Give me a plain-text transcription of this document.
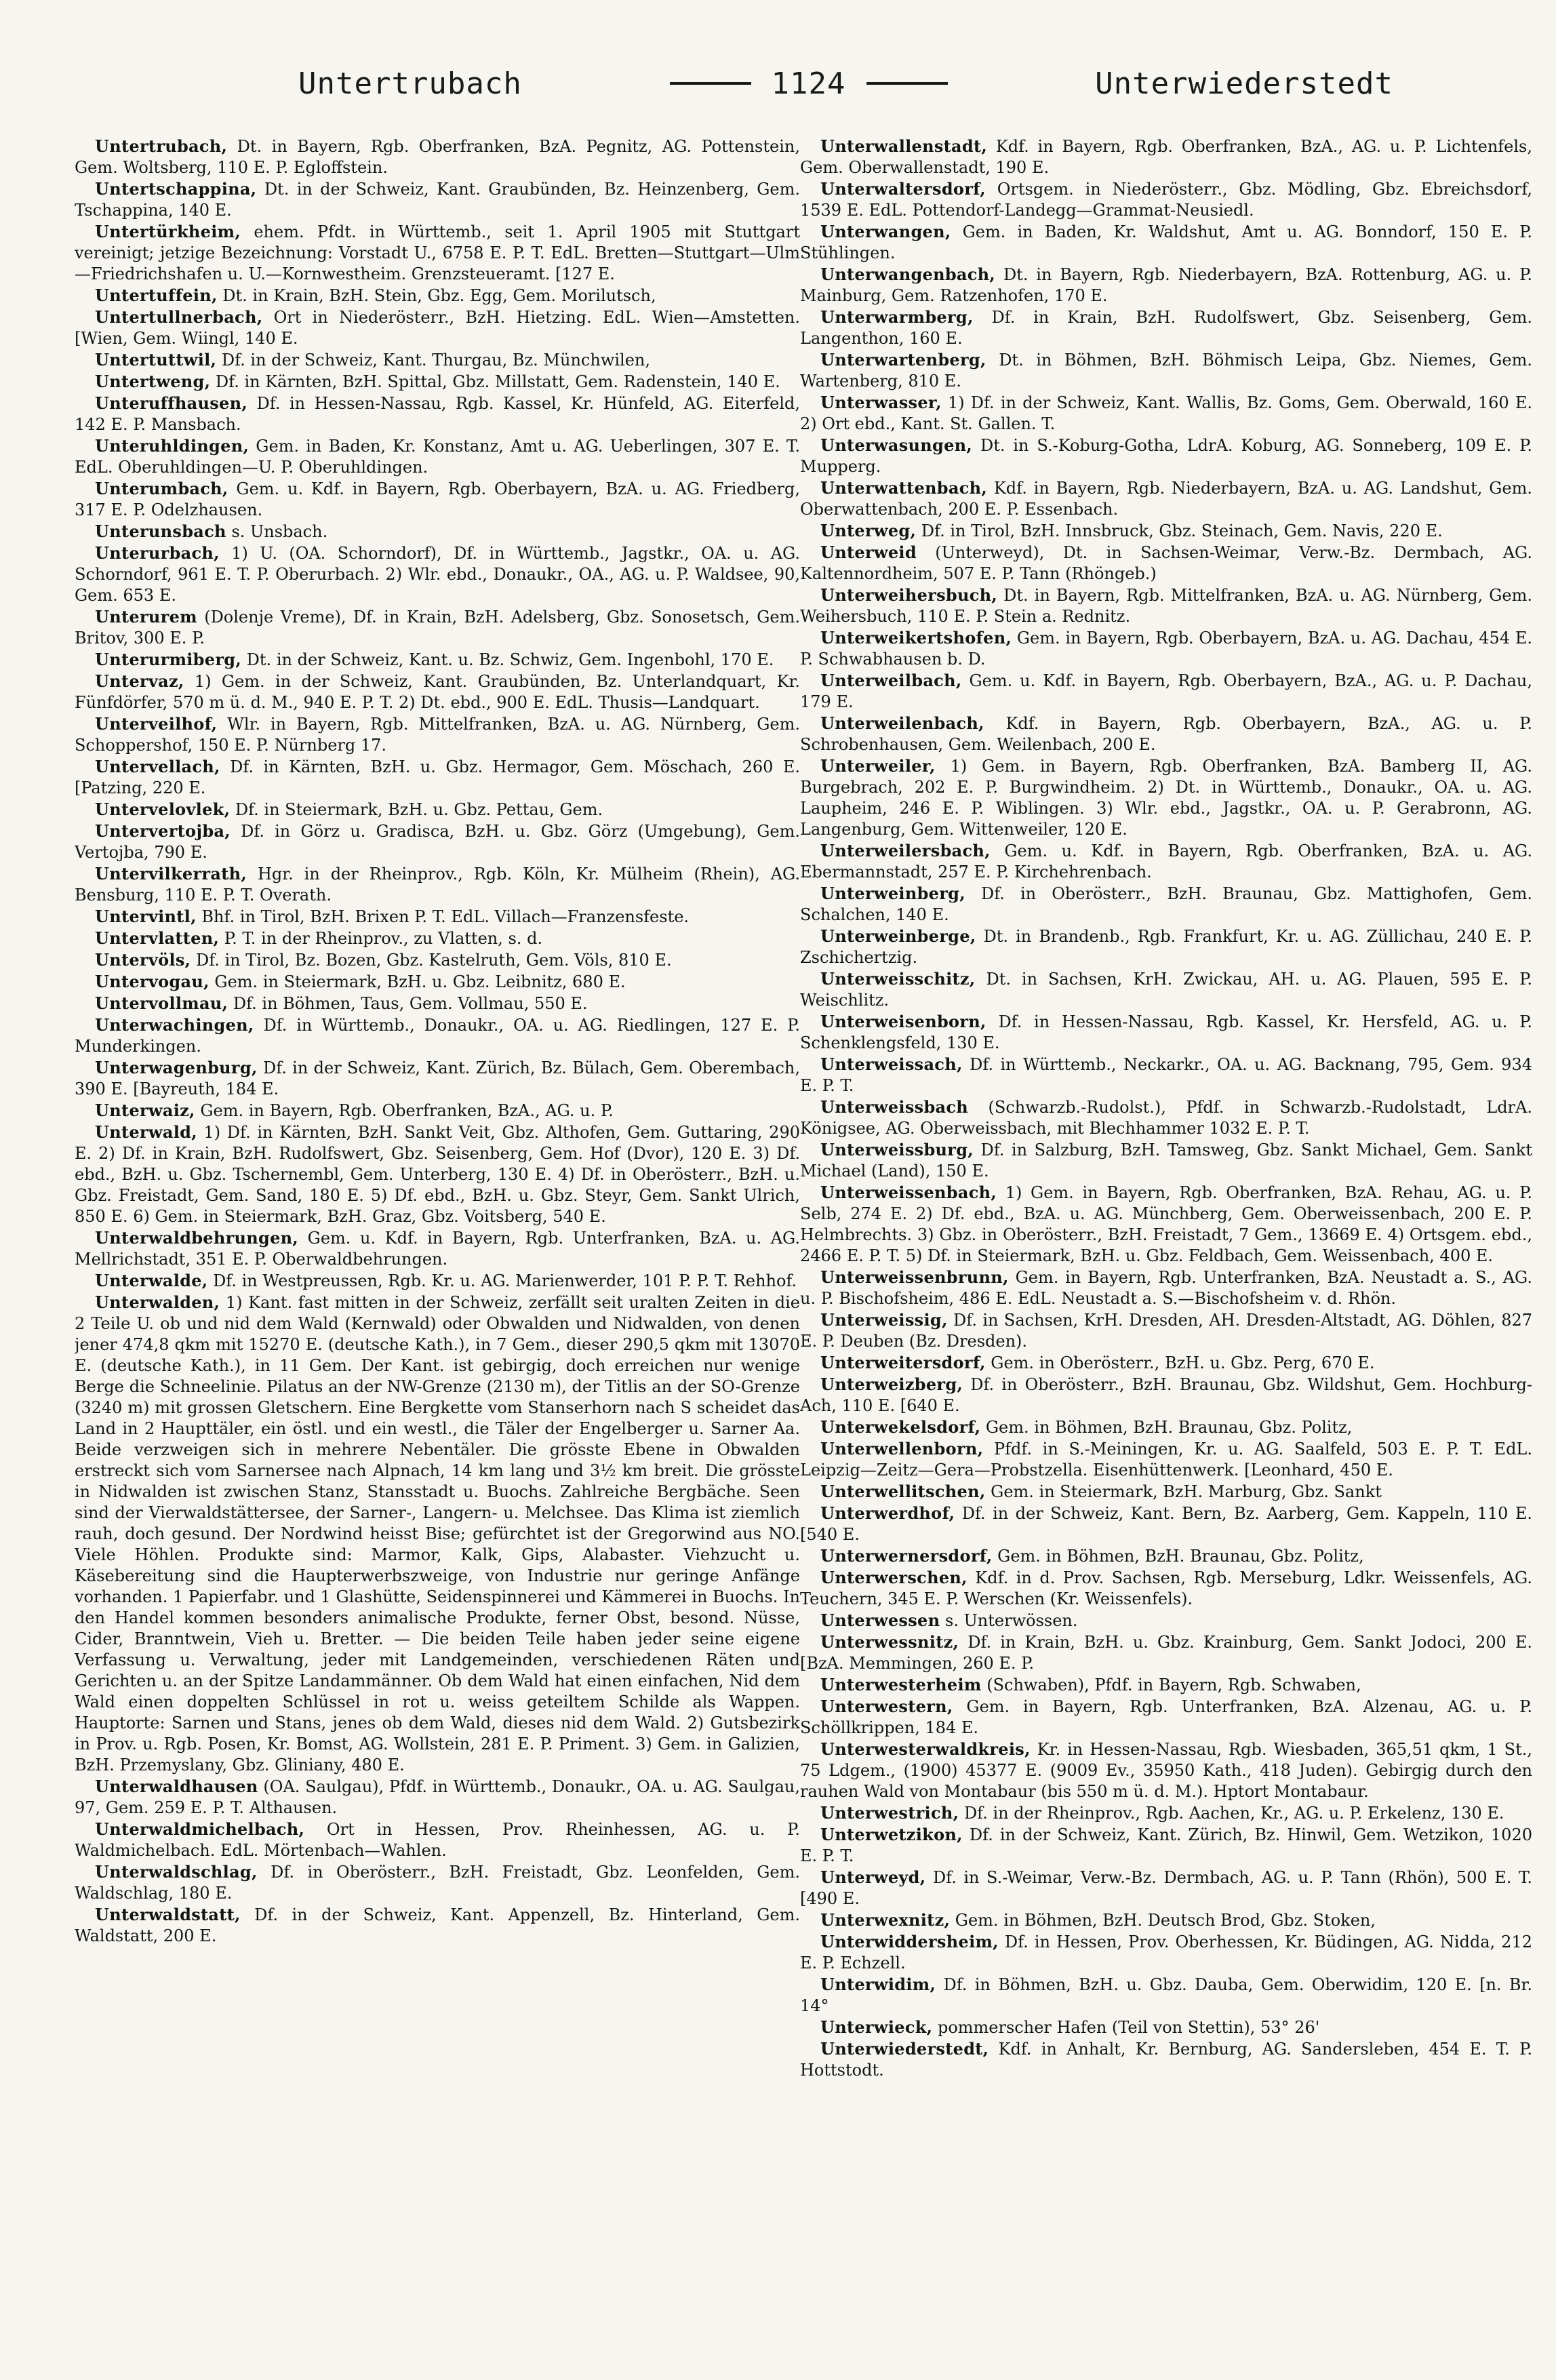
Untertrubach	1124	Unterwiederstedt

Untertrubach, Dt. in Bayern, Rgb. Oberfranken, BzA. Pegnitz, AG. Pottenstein, Gem. Woltsberg, 110 E. P. Egloffstein.

Untertschappina, Dt. in der Schweiz, Kant. Graubünden, Bz. Heinzenberg, Gem. Tschappina, 140 E.

Untertürkheim, ehem. Pfdt. in Württemb., seit 1. April 1905 mit Stuttgart vereinigt; jetzige Bezeichnung: Vorstadt U., 6758 E. P. T. EdL. Bretten—Stuttgart—Ulm—Friedrichshafen u. U.—Kornwestheim. Grenzsteueramt. [127 E.

Untertuffein, Dt. in Krain, BzH. Stein, Gbz. Egg, Gem. Morilutsch,

Untertullnerbach, Ort in Niederösterr., BzH. Hietzing. EdL. Wien—Amstetten. [Wien, Gem. Wiingl, 140 E.

Untertuttwil, Df. in der Schweiz, Kant. Thurgau, Bz. Münchwilen,

Untertweng, Df. in Kärnten, BzH. Spittal, Gbz. Millstatt, Gem. Radenstein, 140 E.

Unteruffhausen, Df. in Hessen-Nassau, Rgb. Kassel, Kr. Hünfeld, AG. Eiterfeld, 142 E. P. Mansbach.

Unteruhldingen, Gem. in Baden, Kr. Konstanz, Amt u. AG. Ueberlingen, 307 E. T. EdL. Oberuhldingen—U. P. Oberuhldingen.

Unterumbach, Gem. u. Kdf. in Bayern, Rgb. Oberbayern, BzA. u. AG. Friedberg, 317 E. P. Odelzhausen.

Unterunsbach s. Unsbach.

Unterurbach, 1) U. (OA. Schorndorf), Df. in Württemb., Jagstkr., OA. u. AG. Schorndorf, 961 E. T. P. Oberurbach. 2) Wlr. ebd., Donaukr., OA., AG. u. P. Waldsee, 90, Gem. 653 E.

Unterurem (Dolenje Vreme), Df. in Krain, BzH. Adelsberg, Gbz. Sonosetsch, Gem. Britov, 300 E. P.

Unterurmiberg, Dt. in der Schweiz, Kant. u. Bz. Schwiz, Gem. Ingenbohl, 170 E.

Untervaz, 1) Gem. in der Schweiz, Kant. Graubünden, Bz. Unterlandquart, Kr. Fünfdörfer, 570 m ü. d. M., 940 E. P. T. 2) Dt. ebd., 900 E. EdL. Thusis—Landquart.

Unterveilhof, Wlr. in Bayern, Rgb. Mittelfranken, BzA. u. AG. Nürnberg, Gem. Schoppershof, 150 E. P. Nürnberg 17.

Untervellach, Df. in Kärnten, BzH. u. Gbz. Hermagor, Gem. Möschach, 260 E. [Patzing, 220 E.

Untervelovlek, Df. in Steiermark, BzH. u. Gbz. Pettau, Gem.

Untervertojba, Df. in Görz u. Gradisca, BzH. u. Gbz. Görz (Umgebung), Gem. Vertojba, 790 E.

Untervilkerrath, Hgr. in der Rheinprov., Rgb. Köln, Kr. Mülheim (Rhein), AG. Bensburg, 110 E. P. T. Overath.

Untervintl, Bhf. in Tirol, BzH. Brixen P. T. EdL. Villach—Franzensfeste.

Untervlatten, P. T. in der Rheinprov., zu Vlatten, s. d.

Untervöls, Df. in Tirol, Bz. Bozen, Gbz. Kastelruth, Gem. Völs, 810 E.

Untervogau, Gem. in Steiermark, BzH. u. Gbz. Leibnitz, 680 E.

Untervollmau, Df. in Böhmen, Taus, Gem. Vollmau, 550 E.

Unterwachingen, Df. in Württemb., Donaukr., OA. u. AG. Riedlingen, 127 E. P. Munderkingen.

Unterwagenburg, Df. in der Schweiz, Kant. Zürich, Bz. Bülach, Gem. Oberembach, 390 E. [Bayreuth, 184 E.

Unterwaiz, Gem. in Bayern, Rgb. Oberfranken, BzA., AG. u. P.

Unterwald, 1) Df. in Kärnten, BzH. Sankt Veit, Gbz. Althofen, Gem. Guttaring, 290 E. 2) Df. in Krain, BzH. Rudolfswert, Gbz. Seisenberg, Gem. Hof (Dvor), 120 E. 3) Df. ebd., BzH. u. Gbz. Tschernembl, Gem. Unterberg, 130 E. 4) Df. in Oberösterr., BzH. u. Gbz. Freistadt, Gem. Sand, 180 E. 5) Df. ebd., BzH. u. Gbz. Steyr, Gem. Sankt Ulrich, 850 E. 6) Gem. in Steiermark, BzH. Graz, Gbz. Voitsberg, 540 E.

Unterwaldbehrungen, Gem. u. Kdf. in Bayern, Rgb. Unterfranken, BzA. u. AG. Mellrichstadt, 351 E. P. Oberwaldbehrungen.

Unterwalde, Df. in Westpreussen, Rgb. Kr. u. AG. Marienwerder, 101 P. P. T. Rehhof.

Unterwalden, 1) Kant. fast mitten in der Schweiz, zerfällt seit uralten Zeiten in die 2 Teile U. ob und nid dem Wald (Kernwald) oder Obwalden und Nidwalden, von denen jener 474,8 qkm mit 15270 E. (deutsche Kath.), in 7 Gem., dieser 290,5 qkm mit 13070 E. (deutsche Kath.), in 11 Gem. Der Kant. ist gebirgig, doch erreichen nur wenige Berge die Schneelinie. Pilatus an der NW-Grenze (2130 m), der Titlis an der SO-Grenze (3240 m) mit grossen Gletschern. Eine Bergkette vom Stanserhorn nach S scheidet das Land in 2 Haupttäler, ein östl. und ein westl., die Täler der Engelberger u. Sarner Aa. Beide verzweigen sich in mehrere Nebentäler. Die grösste Ebene in Obwalden erstreckt sich vom Sarnersee nach Alpnach, 14 km lang und 3½ km breit. Die grösste in Nidwalden ist zwischen Stanz, Stansstadt u. Buochs. Zahlreiche Bergbäche. Seen sind der Vierwaldstättersee, der Sarner-, Langern- u. Melchsee. Das Klima ist ziemlich rauh, doch gesund. Der Nordwind heisst Bise; gefürchtet ist der Gregorwind aus NO. Viele Höhlen. Produkte sind: Marmor, Kalk, Gips, Alabaster. Viehzucht u. Käsebereitung sind die Haupterwerbszweige, von Industrie nur geringe Anfänge vorhanden. 1 Papierfabr. und 1 Glashütte, Seidenspinnerei und Kämmerei in Buochs. In den Handel kommen besonders animalische Produkte, ferner Obst, besond. Nüsse, Cider, Branntwein, Vieh u. Bretter. — Die beiden Teile haben jeder seine eigene Verfassung u. Verwaltung, jeder mit Landgemeinden, verschiedenen Räten und Gerichten u. an der Spitze Landammänner. Ob dem Wald hat einen einfachen, Nid dem Wald einen doppelten Schlüssel in rot u. weiss geteiltem Schilde als Wappen. Hauptorte: Sarnen und Stans, jenes ob dem Wald, dieses nid dem Wald. 2) Gutsbezirk in Prov. u. Rgb. Posen, Kr. Bomst, AG. Wollstein, 281 E. P. Priment. 3) Gem. in Galizien, BzH. Przemyslany, Gbz. Gliniany, 480 E.

Unterwaldhausen (OA. Saulgau), Pfdf. in Württemb., Donaukr., OA. u. AG. Saulgau, 97, Gem. 259 E. P. T. Althausen.

Unterwaldmichelbach, Ort in Hessen, Prov. Rheinhessen, AG. u. P. Waldmichelbach. EdL. Mörtenbach—Wahlen.

Unterwaldschlag, Df. in Oberösterr., BzH. Freistadt, Gbz. Leonfelden, Gem. Waldschlag, 180 E.

Unterwaldstatt, Df. in der Schweiz, Kant. Appenzell, Bz. Hinterland, Gem. Waldstatt, 200 E.

Unterwallenstadt, Kdf. in Bayern, Rgb. Oberfranken, BzA., AG. u. P. Lichtenfels, Gem. Oberwallenstadt, 190 E.

Unterwaltersdorf, Ortsgem. in Niederösterr., Gbz. Mödling, Gbz. Ebreichsdorf, 1539 E. EdL. Pottendorf-Landegg—Grammat-Neusiedl.

Unterwangen, Gem. in Baden, Kr. Waldshut, Amt u. AG. Bonndorf, 150 E. P. Stühlingen.

Unterwangenbach, Dt. in Bayern, Rgb. Niederbayern, BzA. Rottenburg, AG. u. P. Mainburg, Gem. Ratzenhofen, 170 E.

Unterwarmberg, Df. in Krain, BzH. Rudolfswert, Gbz. Seisenberg, Gem. Langenthon, 160 E.

Unterwartenberg, Dt. in Böhmen, BzH. Böhmisch Leipa, Gbz. Niemes, Gem. Wartenberg, 810 E.

Unterwasser, 1) Df. in der Schweiz, Kant. Wallis, Bz. Goms, Gem. Oberwald, 160 E. 2) Ort ebd., Kant. St. Gallen. T.

Unterwasungen, Dt. in S.-Koburg-Gotha, LdrA. Koburg, AG. Sonneberg, 109 E. P. Mupperg.

Unterwattenbach, Kdf. in Bayern, Rgb. Niederbayern, BzA. u. AG. Landshut, Gem. Oberwattenbach, 200 E. P. Essenbach.

Unterweg, Df. in Tirol, BzH. Innsbruck, Gbz. Steinach, Gem. Navis, 220 E.

Unterweid (Unterweyd), Dt. in Sachsen-Weimar, Verw.-Bz. Dermbach, AG. Kaltennordheim, 507 E. P. Tann (Rhöngeb.)

Unterweihersbuch, Dt. in Bayern, Rgb. Mittelfranken, BzA. u. AG. Nürnberg, Gem. Weihersbuch, 110 E. P. Stein a. Rednitz.

Unterweikertshofen, Gem. in Bayern, Rgb. Oberbayern, BzA. u. AG. Dachau, 454 E. P. Schwabhausen b. D.

Unterweilbach, Gem. u. Kdf. in Bayern, Rgb. Oberbayern, BzA., AG. u. P. Dachau, 179 E.

Unterweilenbach, Kdf. in Bayern, Rgb. Oberbayern, BzA., AG. u. P. Schrobenhausen, Gem. Weilenbach, 200 E.

Unterweiler, 1) Gem. in Bayern, Rgb. Oberfranken, BzA. Bamberg II, AG. Burgebrach, 202 E. P. Burgwindheim. 2) Dt. in Württemb., Donaukr., OA. u. AG. Laupheim, 246 E. P. Wiblingen. 3) Wlr. ebd., Jagstkr., OA. u. P. Gerabronn, AG. Langenburg, Gem. Wittenweiler, 120 E.

Unterweilersbach, Gem. u. Kdf. in Bayern, Rgb. Oberfranken, BzA. u. AG. Ebermannstadt, 257 E. P. Kirchehrenbach.

Unterweinberg, Df. in Oberösterr., BzH. Braunau, Gbz. Mattighofen, Gem. Schalchen, 140 E.

Unterweinberge, Dt. in Brandenb., Rgb. Frankfurt, Kr. u. AG. Züllichau, 240 E. P. Zschichertzig.

Unterweisschitz, Dt. in Sachsen, KrH. Zwickau, AH. u. AG. Plauen, 595 E. P. Weischlitz.

Unterweisenborn, Df. in Hessen-Nassau, Rgb. Kassel, Kr. Hersfeld, AG. u. P. Schenklengsfeld, 130 E.

Unterweissach, Df. in Württemb., Neckarkr., OA. u. AG. Backnang, 795, Gem. 934 E. P. T.

Unterweissbach (Schwarzb.-Rudolst.), Pfdf. in Schwarzb.-Rudolstadt, LdrA. Königsee, AG. Oberweissbach, mit Blechhammer 1032 E. P. T.

Unterweissburg, Df. in Salzburg, BzH. Tamsweg, Gbz. Sankt Michael, Gem. Sankt Michael (Land), 150 E.

Unterweissenbach, 1) Gem. in Bayern, Rgb. Oberfranken, BzA. Rehau, AG. u. P. Selb, 274 E. 2) Df. ebd., BzA. u. AG. Münchberg, Gem. Oberweissenbach, 200 E. P. Helmbrechts. 3) Gbz. in Oberösterr., BzH. Freistadt, 7 Gem., 13669 E. 4) Ortsgem. ebd., 2466 E. P. T. 5) Df. in Steiermark, BzH. u. Gbz. Feldbach, Gem. Weissenbach, 400 E.

Unterweissenbrunn, Gem. in Bayern, Rgb. Unterfranken, BzA. Neustadt a. S., AG. u. P. Bischofsheim, 486 E. EdL. Neustadt a. S.—Bischofsheim v. d. Rhön.

Unterweissig, Df. in Sachsen, KrH. Dresden, AH. Dresden-Altstadt, AG. Döhlen, 827 E. P. Deuben (Bz. Dresden).

Unterweitersdorf, Gem. in Oberösterr., BzH. u. Gbz. Perg, 670 E.

Unterweizberg, Df. in Oberösterr., BzH. Braunau, Gbz. Wildshut, Gem. Hochburg-Ach, 110 E. [640 E.

Unterwekelsdorf, Gem. in Böhmen, BzH. Braunau, Gbz. Politz,

Unterwellenborn, Pfdf. in S.-Meiningen, Kr. u. AG. Saalfeld, 503 E. P. T. EdL. Leipzig—Zeitz—Gera—Probstzella. Eisenhüttenwerk. [Leonhard, 450 E.

Unterwellitschen, Gem. in Steiermark, BzH. Marburg, Gbz. Sankt

Unterwerdhof, Df. in der Schweiz, Kant. Bern, Bz. Aarberg, Gem. Kappeln, 110 E. [540 E.

Unterwernersdorf, Gem. in Böhmen, BzH. Braunau, Gbz. Politz,

Unterwerschen, Kdf. in d. Prov. Sachsen, Rgb. Merseburg, Ldkr. Weissenfels, AG. Teuchern, 345 E. P. Werschen (Kr. Weissenfels).

Unterwessen s. Unterwössen.

Unterwessnitz, Df. in Krain, BzH. u. Gbz. Krainburg, Gem. Sankt Jodoci, 200 E. [BzA. Memmingen, 260 E. P.

Unterwesterheim (Schwaben), Pfdf. in Bayern, Rgb. Schwaben,

Unterwestern, Gem. in Bayern, Rgb. Unterfranken, BzA. Alzenau, AG. u. P. Schöllkrippen, 184 E.

Unterwesterwaldkreis, Kr. in Hessen-Nassau, Rgb. Wiesbaden, 365,51 qkm, 1 St., 75 Ldgem., (1900) 45377 E. (9009 Ev., 35950 Kath., 418 Juden). Gebirgig durch den rauhen Wald von Montabaur (bis 550 m ü. d. M.). Hptort Montabaur.

Unterwestrich, Df. in der Rheinprov., Rgb. Aachen, Kr., AG. u. P. Erkelenz, 130 E.

Unterwetzikon, Df. in der Schweiz, Kant. Zürich, Bz. Hinwil, Gem. Wetzikon, 1020 E. P. T.

Unterweyd, Df. in S.-Weimar, Verw.-Bz. Dermbach, AG. u. P. Tann (Rhön), 500 E. T. [490 E.

Unterwexnitz, Gem. in Böhmen, BzH. Deutsch Brod, Gbz. Stoken,

Unterwiddersheim, Df. in Hessen, Prov. Oberhessen, Kr. Büdingen, AG. Nidda, 212 E. P. Echzell.

Unterwidim, Df. in Böhmen, BzH. u. Gbz. Dauba, Gem. Oberwidim, 120 E. [n. Br. 14°

Unterwieck, pommerscher Hafen (Teil von Stettin), 53° 26'

Unterwiederstedt, Kdf. in Anhalt, Kr. Bernburg, AG. Sandersleben, 454 E. T. P. Hottstodt.
